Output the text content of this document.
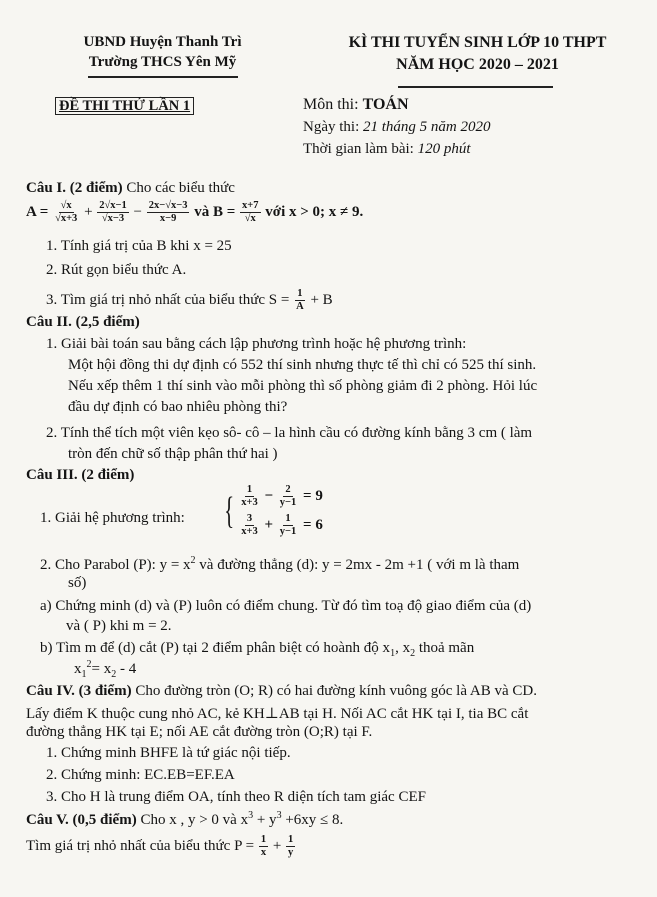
UBND Huyện Thanh Trì
Trường THCS Yên Mỹ
KÌ THI TUYỂN SINH LỚP 10 THPT
NĂM HỌC 2020 – 2021
ĐỀ THI THỬ LẦN 1	Môn thi: TOÁN
Ngày thi: 21 tháng 5 năm 2020
Thời gian làm bài: 120 phút
Câu I. (2 điểm) Cho các biểu thức
$A = \frac{√x}{√x+3} + \frac{2√x-1}{√x-3} - \frac{2x-√x-3}{x-9}$ và $B = \frac{x+7}{√x}$ với x > 0; x ≠ 9.
1. Tính giá trị của B khi x = 25
2. Rút gọn biểu thức A.
3. Tìm giá trị nhỏ nhất của biểu thức $S = \frac{1}{A} + B$
Câu II. (2,5 điểm)
1. Giải bài toán sau bằng cách lập phương trình hoặc hệ phương trình:
Một hội đồng thi dự định có 552 thí sinh nhưng thực tế thì chỉ có 525 thí sinh.
Nếu xếp thêm 1 thí sinh vào mỗi phòng thì số phòng giảm đi 2 phòng. Hỏi lúc
đầu dự định có bao nhiêu phòng thi?
2. Tính thể tích một viên kẹo sô- cô – la hình cầu có đường kính bằng 3 cm ( làm
tròn đến chữ số thập phân thứ hai )
Câu III. (2 điểm)
1. Giải hệ phương trình: { $\frac{1}{x+3} - \frac{2}{y-1} = 9$
$\frac{3}{x+3} + \frac{1}{y-1} = 6$
2. Cho Parabol (P): $y = x^2$ và đường thẳng (d): y = 2mx - 2m +1 ( với m là tham
số)
a) Chứng minh (d) và (P) luôn có điểm chung. Từ đó tìm toạ độ giao điểm của (d)
và ( P) khi m = 2.
b) Tìm m để (d) cắt (P) tại 2 điểm phân biệt có hoành độ $x_1$, $x_2$ thoả mãn
$x_1^2= x_2 - 4$
Câu IV. (3 điểm) Cho đường tròn (O; R) có hai đường kính vuông góc là AB và CD.
Lấy điểm K thuộc cung nhỏ AC, kẻ KH⊥AB tại H. Nối AC cắt HK tại I, tia BC cắt
đường thẳng HK tại E; nối AE cắt đường tròn (O;R) tại F.
1. Chứng minh BHFE là tứ giác nội tiếp.
2. Chứng minh: EC.EB=EF.EA
3. Cho H là trung điểm OA, tính theo R diện tích tam giác CEF
Câu V. (0,5 điểm) Cho x , y > 0 và $x^3 + y^3 +6xy \le 8$.
Tìm giá trị nhỏ nhất của biểu thức $P = \frac{1}{x} + \frac{1}{y}$
